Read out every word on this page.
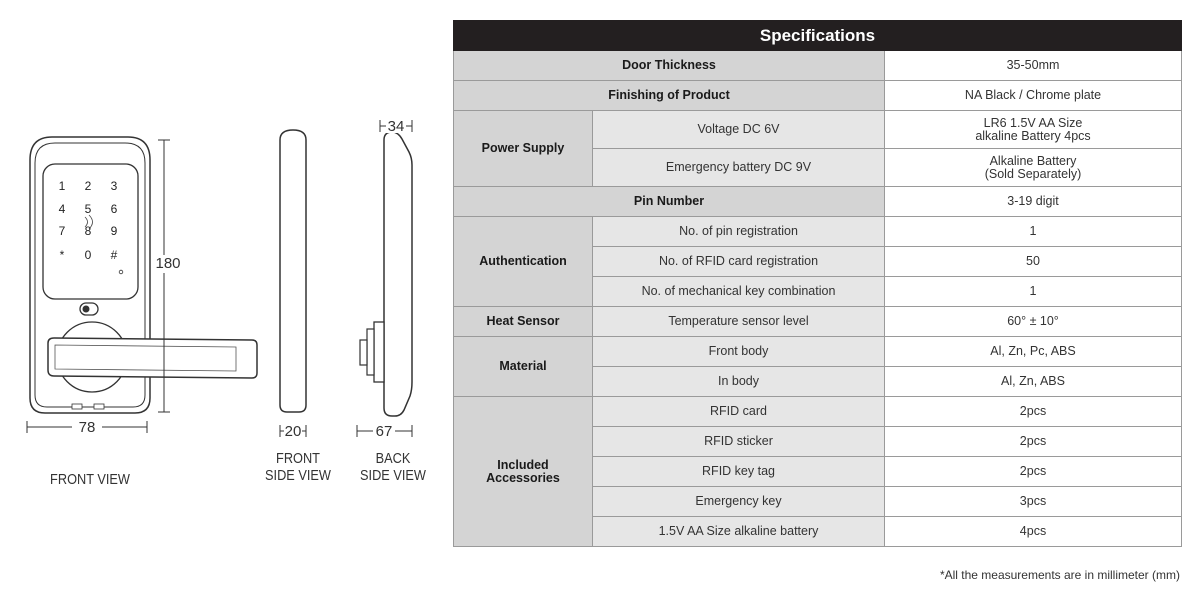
1 2 3
4 5 6
7 8 9
* 0 #
78
180
20
34
67
FRONT VIEW
FRONT
SIDE VIEW
BACK
SIDE VIEW
Specifications		
Door Thickness		35-50mm
Finishing of Product		NA Black / Chrome plate
Power Supply	Voltage DC 6V	LR6 1.5V AA Size
alkaline Battery 4pcs

	Emergency battery DC 9V	Alkaline Battery
(Sold Separately)

Pin Number		3-19 digit
Authentication	No. of pin registration	1
	No. of RFID card registration	50
	No. of mechanical key combination	1
Heat Sensor	Temperature sensor level	60° ± 10°
Material	Front body	Al, Zn, Pc, ABS
	In body	Al, Zn, ABS

Included
Accessories	RFID card	2pcs
	RFID sticker	2pcs
	RFID key tag	2pcs
	Emergency key	3pcs
	1.5V AA Size alkaline battery	4pcs
*All the measurements are in millimeter (mm)
